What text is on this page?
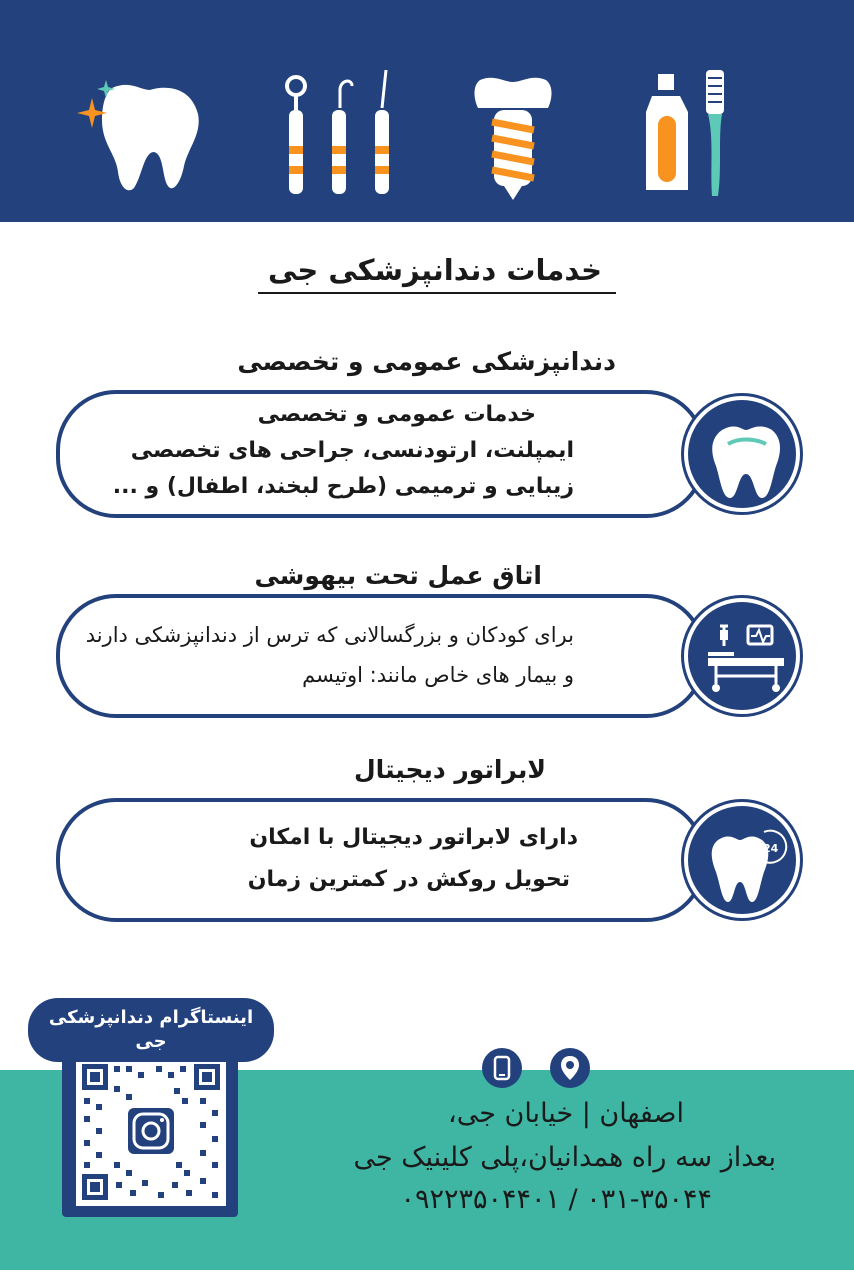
خدمات دندانپزشکی جی
دندانپزشکی عمومی و تخصصی
خدمات عمومی و تخصصی
ایمپلنت، ارتودنسی، جراحی های تخصصی
زیبایی و ترمیمی (طرح لبخند، اطفال) و ...
اتاق عمل تحت بیهوشی
برای کودکان و بزرگسالانی که ترس از دندانپزشکی دارند
و بیمار های خاص مانند: اوتیسم
لابراتور دیجیتال
دارای لابراتور دیجیتال با امکان
تحویل روکش در کمترین زمان
24
اینستاگرام دندانپزشکی
جی
اصفهان | خیابان جی،
بعداز سه راه همدانیان،پلی کلینیک جی
۰۹۲۲۳۵۰۴۴۰۱ / ۰۳۱-۳۵۰۴۴
